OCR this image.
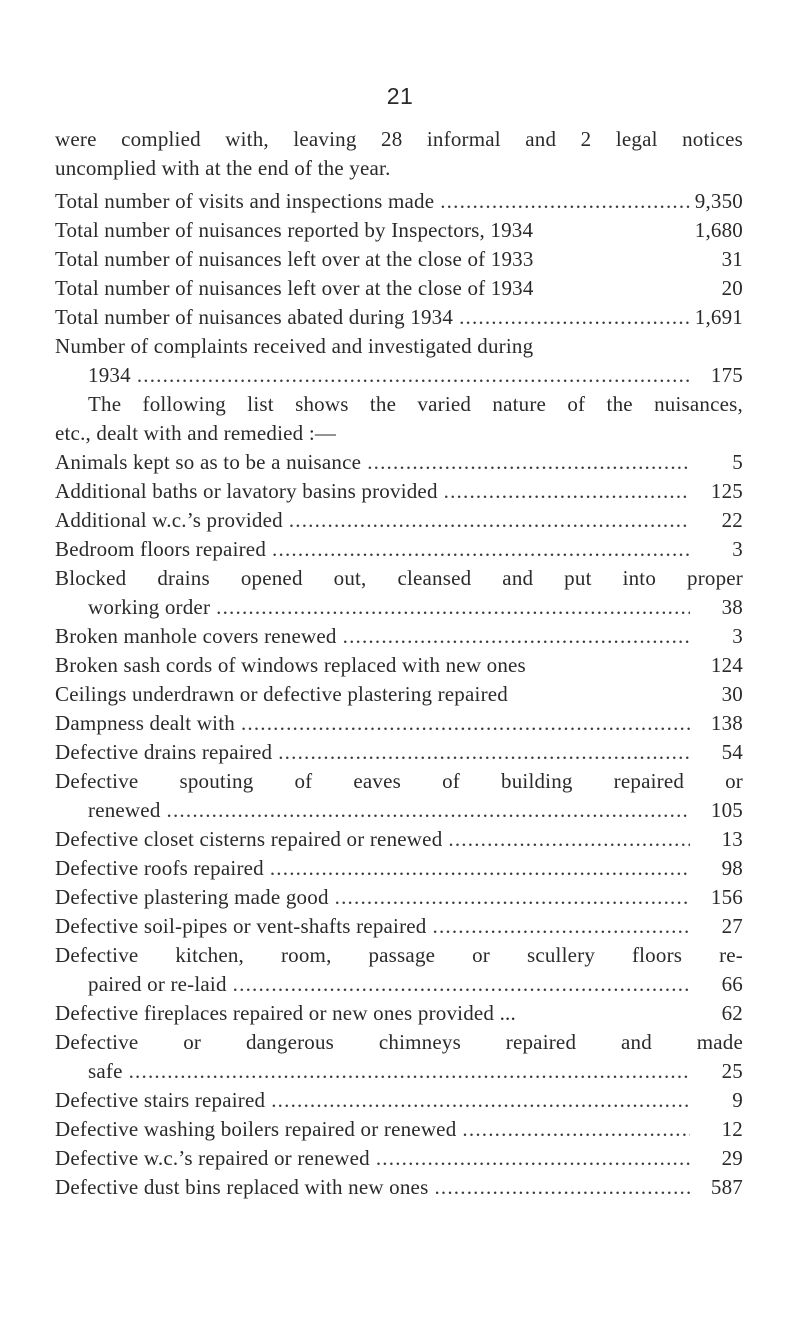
21
were complied with, leaving 28 informal and 2 legal notices
uncomplied with at the end of the year.
Total number of visits and inspections made .....	9,350
Total number of nuisances reported by Inspectors, 1934	1,680
Total number of nuisances left over at the close of 1933	31
Total number of nuisances left over at the close of 1934	20
Total number of nuisances abated during 1934 .....	1,691
Number of complaints received and investigated during
1934 .....	175
The following list shows the varied nature of the nuisances,
etc., dealt with and remedied :—
Animals kept so as to be a nuisance .....	5
Additional baths or lavatory basins provided .....	125
Additional w.c.’s provided .....	22
Bedroom floors repaired .....	3
Blocked drains opened out, cleansed and put into proper
working order .....	38
Broken manhole covers renewed .....	3
Broken sash cords of windows replaced with new ones	124
Ceilings underdrawn or defective plastering repaired	30
Dampness dealt with .....	138
Defective drains repaired .....	54
Defective spouting of eaves of building repaired or
renewed .....	105
Defective closet cisterns repaired or renewed .....	13
Defective roofs repaired .....	98
Defective plastering made good .....	156
Defective soil-pipes or vent-shafts repaired .....	27
Defective kitchen, room, passage or scullery floors re-
paired or re-laid .....	66
Defective fireplaces repaired or new ones provided ...	62
Defective or dangerous chimneys repaired and made
safe .....	25
Defective stairs repaired .....	9
Defective washing boilers repaired or renewed .....	12
Defective w.c.’s repaired or renewed .....	29
Defective dust bins replaced with new ones .....	587
